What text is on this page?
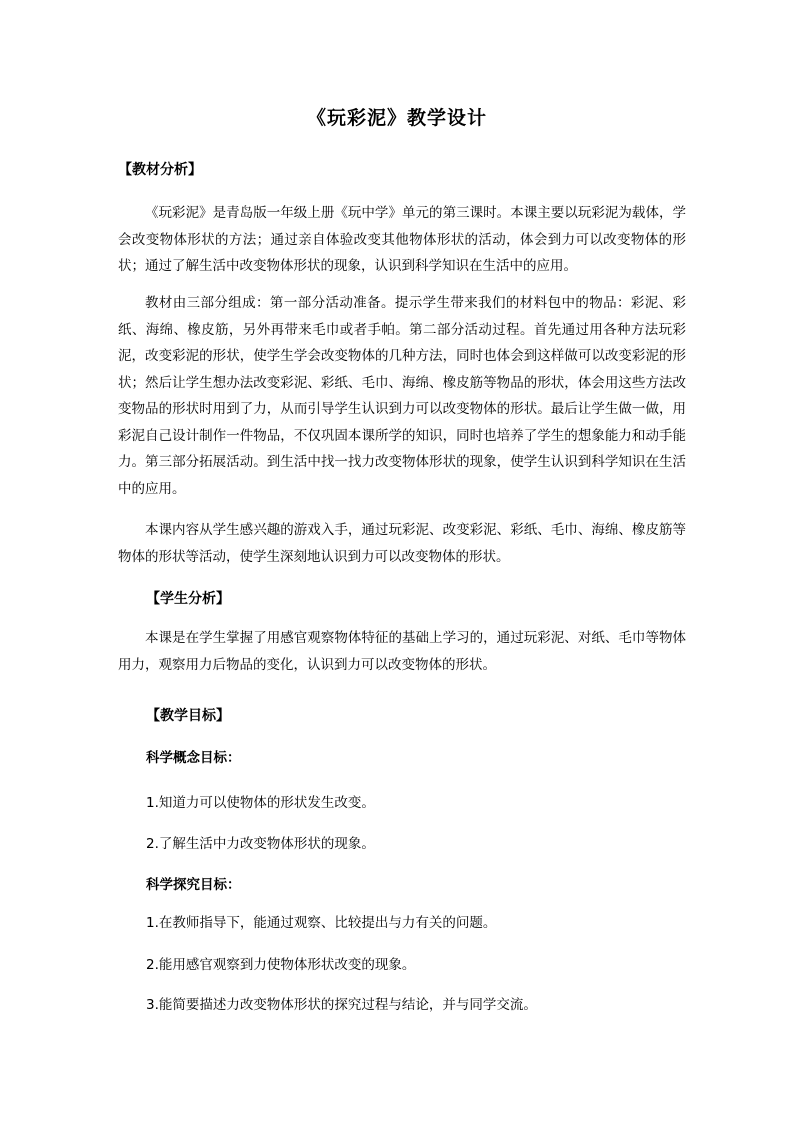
《玩彩泥》教学设计
【教材分析】

《玩彩泥》是青岛版一年级上册《玩中学》单元的第三课时。本课主要以玩彩泥为载体，学会改变物体形状的方法；通过亲自体验改变其他物体形状的活动，体会到力可以改变物体的形状；通过了解生活中改变物体形状的现象，认识到科学知识在生活中的应用。

教材由三部分组成：第一部分活动准备。提示学生带来我们的材料包中的物品：彩泥、彩纸、海绵、橡皮筋，另外再带来毛巾或者手帕。第二部分活动过程。首先通过用各种方法玩彩泥，改变彩泥的形状，使学生学会改变物体的几种方法，同时也体会到这样做可以改变彩泥的形状；然后让学生想办法改变彩泥、彩纸、毛巾、海绵、橡皮筋等物品的形状，体会用这些方法改变物品的形状时用到了力，从而引导学生认识到力可以改变物体的形状。最后让学生做一做，用彩泥自己设计制作一件物品，不仅巩固本课所学的知识，同时也培养了学生的想象能力和动手能力。第三部分拓展活动。到生活中找一找力改变物体形状的现象，使学生认识到科学知识在生活中的应用。

本课内容从学生感兴趣的游戏入手，通过玩彩泥、改变彩泥、彩纸、毛巾、海绵、橡皮筋等物体的形状等活动，使学生深刻地认识到力可以改变物体的形状。

【学生分析】

本课是在学生掌握了用感官观察物体特征的基础上学习的，通过玩彩泥、对纸、毛巾等物体用力，观察用力后物品的变化，认识到力可以改变物体的形状。

【教学目标】
科学概念目标：
1.知道力可以使物体的形状发生改变。
2.了解生活中力改变物体形状的现象。
科学探究目标：
1.在教师指导下，能通过观察、比较提出与力有关的问题。
2.能用感官观察到力使物体形状改变的现象。
3.能简要描述力改变物体形状的探究过程与结论，并与同学交流。
